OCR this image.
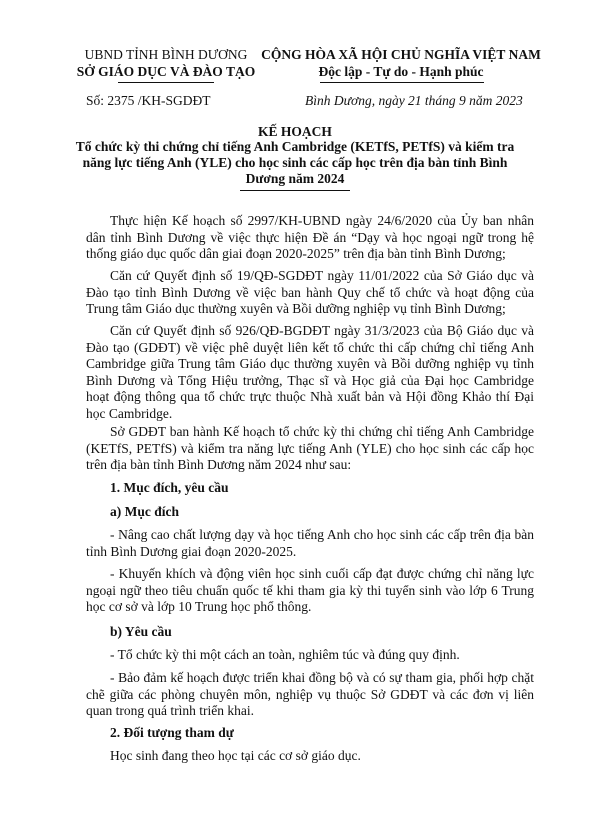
UBND TỈNH BÌNH DƯƠNG
SỞ GIÁO DỤC VÀ ĐÀO TẠO
CỘNG HÒA XÃ HỘI CHỦ NGHĨA VIỆT NAM
Độc lập - Tự do - Hạnh phúc
Số: 2375 /KH-SGDĐT	Bình Dương, ngày 21 tháng 9 năm 2023
KẾ HOẠCH
Tổ chức kỳ thi chứng chỉ tiếng Anh Cambridge (KETfS, PETfS) và kiểm tra năng lực tiếng Anh (YLE) cho học sinh các cấp học trên địa bàn tỉnh Bình Dương năm 2024
Thực hiện Kế hoạch số 2997/KH-UBND ngày 24/6/2020 của Ủy ban nhân dân tỉnh Bình Dương về việc thực hiện Đề án “Dạy và học ngoại ngữ trong hệ thống giáo dục quốc dân giai đoạn 2020-2025” trên địa bàn tỉnh Bình Dương;
Căn cứ Quyết định số 19/QĐ-SGDĐT ngày 11/01/2022 của Sở Giáo dục và Đào tạo tỉnh Bình Dương về việc ban hành Quy chế tổ chức và hoạt động của Trung tâm Giáo dục thường xuyên và Bồi dưỡng nghiệp vụ tỉnh Bình Dương;
Căn cứ Quyết định số 926/QĐ-BGDĐT ngày 31/3/2023 của Bộ Giáo dục và Đào tạo (GDĐT) về việc phê duyệt liên kết tổ chức thi cấp chứng chỉ tiếng Anh Cambridge giữa Trung tâm Giáo dục thường xuyên và Bồi dưỡng nghiệp vụ tỉnh Bình Dương và Tổng Hiệu trưởng, Thạc sĩ và Học giả của Đại học Cambridge hoạt động thông qua tổ chức trực thuộc Nhà xuất bản và Hội đồng Khảo thí Đại học Cambridge.
Sở GDĐT ban hành Kế hoạch tổ chức kỳ thi chứng chỉ tiếng Anh Cambridge (KETfS, PETfS) và kiểm tra năng lực tiếng Anh (YLE) cho học sinh các cấp học trên địa bàn tỉnh Bình Dương năm 2024 như sau:
1. Mục đích, yêu cầu
a) Mục đích
- Nâng cao chất lượng dạy và học tiếng Anh cho học sinh các cấp trên địa bàn tỉnh Bình Dương giai đoạn 2020-2025.
- Khuyến khích và động viên học sinh cuối cấp đạt được chứng chỉ năng lực ngoại ngữ theo tiêu chuẩn quốc tế khi tham gia kỳ thi tuyển sinh vào lớp 6 Trung học cơ sở và lớp 10 Trung học phổ thông.
b) Yêu cầu
- Tổ chức kỳ thi một cách an toàn, nghiêm túc và đúng quy định.
- Bảo đảm kế hoạch được triển khai đồng bộ và có sự tham gia, phối hợp chặt chẽ giữa các phòng chuyên môn, nghiệp vụ thuộc Sở GDĐT và các đơn vị liên quan trong quá trình triển khai.
2. Đối tượng tham dự
Học sinh đang theo học tại các cơ sở giáo dục.
